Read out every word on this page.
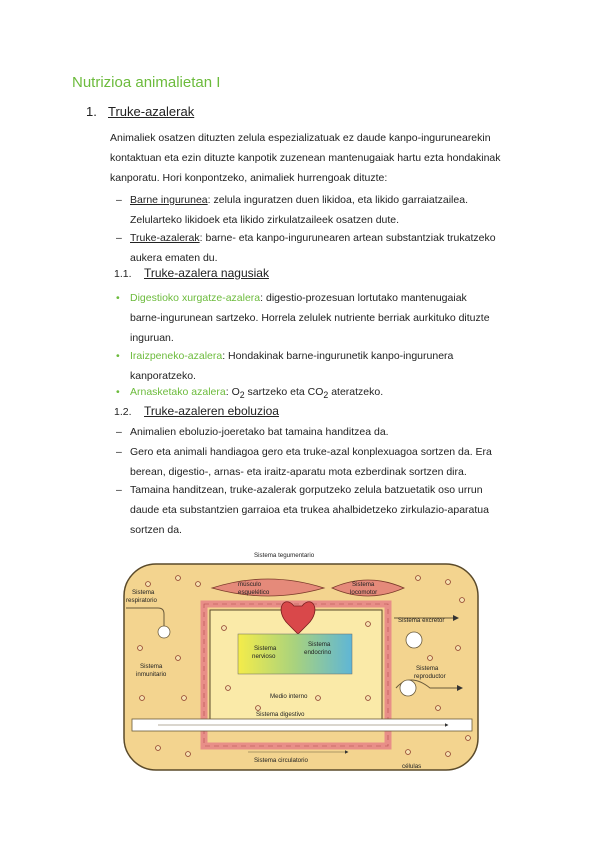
Nutrizioa animalietan I
1. Truke-azalerak
Animaliek osatzen dituzten zelula espezializatuak ez daude kanpo-ingurunearekin
kontaktuan eta ezin dituzte kanpotik zuzenean mantenugaiak hartu ezta hondakinak
kanporatu. Hori konpontzeko, animaliek hurrengoak dituzte:
– Barne ingurunea: zelula inguratzen duen likidoa, eta likido garraiatzailea.
Zelularteko likidoek eta likido zirkulatzaileek osatzen dute.
– Truke-azalerak: barne- eta kanpo-ingurunearen artean substantziak trukatzeko
aukera ematen du.
1.1. Truke-azalera nagusiak
• Digestioko xurgatze-azalera: digestio-prozesuan lortutako mantenugaiak
barne-ingurunean sartzeko. Horrela zelulek nutriente berriak aurkituko dituzte
inguruan.
• Iraizpeneko-azalera: Hondakinak barne-ingurunetik kanpo-ingurunera
kanporatzeko.
• Arnasketako azalera: $O_2$ sartzeko eta $CO_2$ ateratzeko.
1.2. Truke-azaleren eboluzioa
– Animalien eboluzio-joeretako bat tamaina handitzea da.
– Gero eta animali handiagoa gero eta truke-azal konplexuagoa sortzen da. Era
berean, digestio-, arnas- eta iraitz-aparatu mota ezberdinak sortzen dira.
– Tamaina handitzean, truke-azalerak gorputzeko zelula batzuetatik oso urrun
daude eta substantzien garraioa eta trukea ahalbidetzeko zirkulazio-aparatua
sortzen da.
Sistema tegumentario
músculo
esquelético
Sistema
locomotor
Sistema
respiratorio
Sistema excretor
Sistema
inmunitario
Sistema
nervioso
Sistema
endocrino
Sistema
reproductor
Medio interno
Sistema digestivo
Sistema circulatorio
células
